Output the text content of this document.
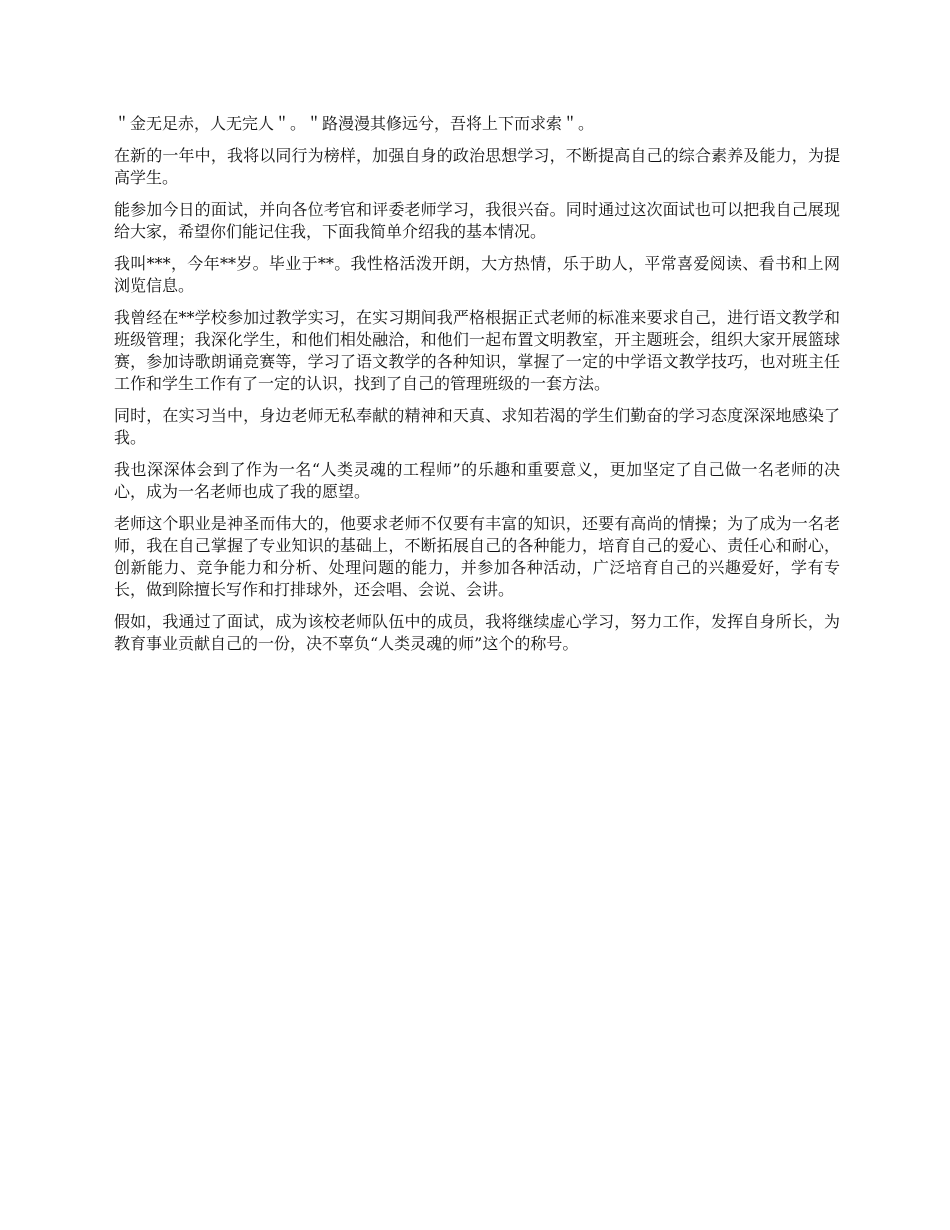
＂金无足赤，人无完人＂。＂路漫漫其修远兮，吾将上下而求索＂。

在新的一年中，我将以同行为榜样，加强自身的政治思想学习，不断提高自己的综合素养及能力，为提高学生。

能参加今日的面试，并向各位考官和评委老师学习，我很兴奋。同时通过这次面试也可以把我自己展现给大家，希望你们能记住我，下面我简单介绍我的基本情况。

我叫***，今年**岁。毕业于**。我性格活泼开朗，大方热情，乐于助人，平常喜爱阅读、看书和上网浏览信息。

我曾经在**学校参加过教学实习，在实习期间我严格根据正式老师的标准来要求自己，进行语文教学和班级管理；我深化学生，和他们相处融洽，和他们一起布置文明教室，开主题班会，组织大家开展篮球赛，参加诗歌朗诵竞赛等，学习了语文教学的各种知识，掌握了一定的中学语文教学技巧，也对班主任工作和学生工作有了一定的认识，找到了自己的管理班级的一套方法。

同时，在实习当中，身边老师无私奉献的精神和天真、求知若渴的学生们勤奋的学习态度深深地感染了我。

我也深深体会到了作为一名“人类灵魂的工程师”的乐趣和重要意义，更加坚定了自己做一名老师的决心，成为一名老师也成了我的愿望。

老师这个职业是神圣而伟大的，他要求老师不仅要有丰富的知识，还要有高尚的情操；为了成为一名老师，我在自己掌握了专业知识的基础上，不断拓展自己的各种能力，培育自己的爱心、责任心和耐心，创新能力、竞争能力和分析、处理问题的能力，并参加各种活动，广泛培育自己的兴趣爱好，学有专长，做到除擅长写作和打排球外，还会唱、会说、会讲。

假如，我通过了面试，成为该校老师队伍中的成员，我将继续虚心学习，努力工作，发挥自身所长，为教育事业贡献自己的一份，决不辜负“人类灵魂的师”这个的称号。
